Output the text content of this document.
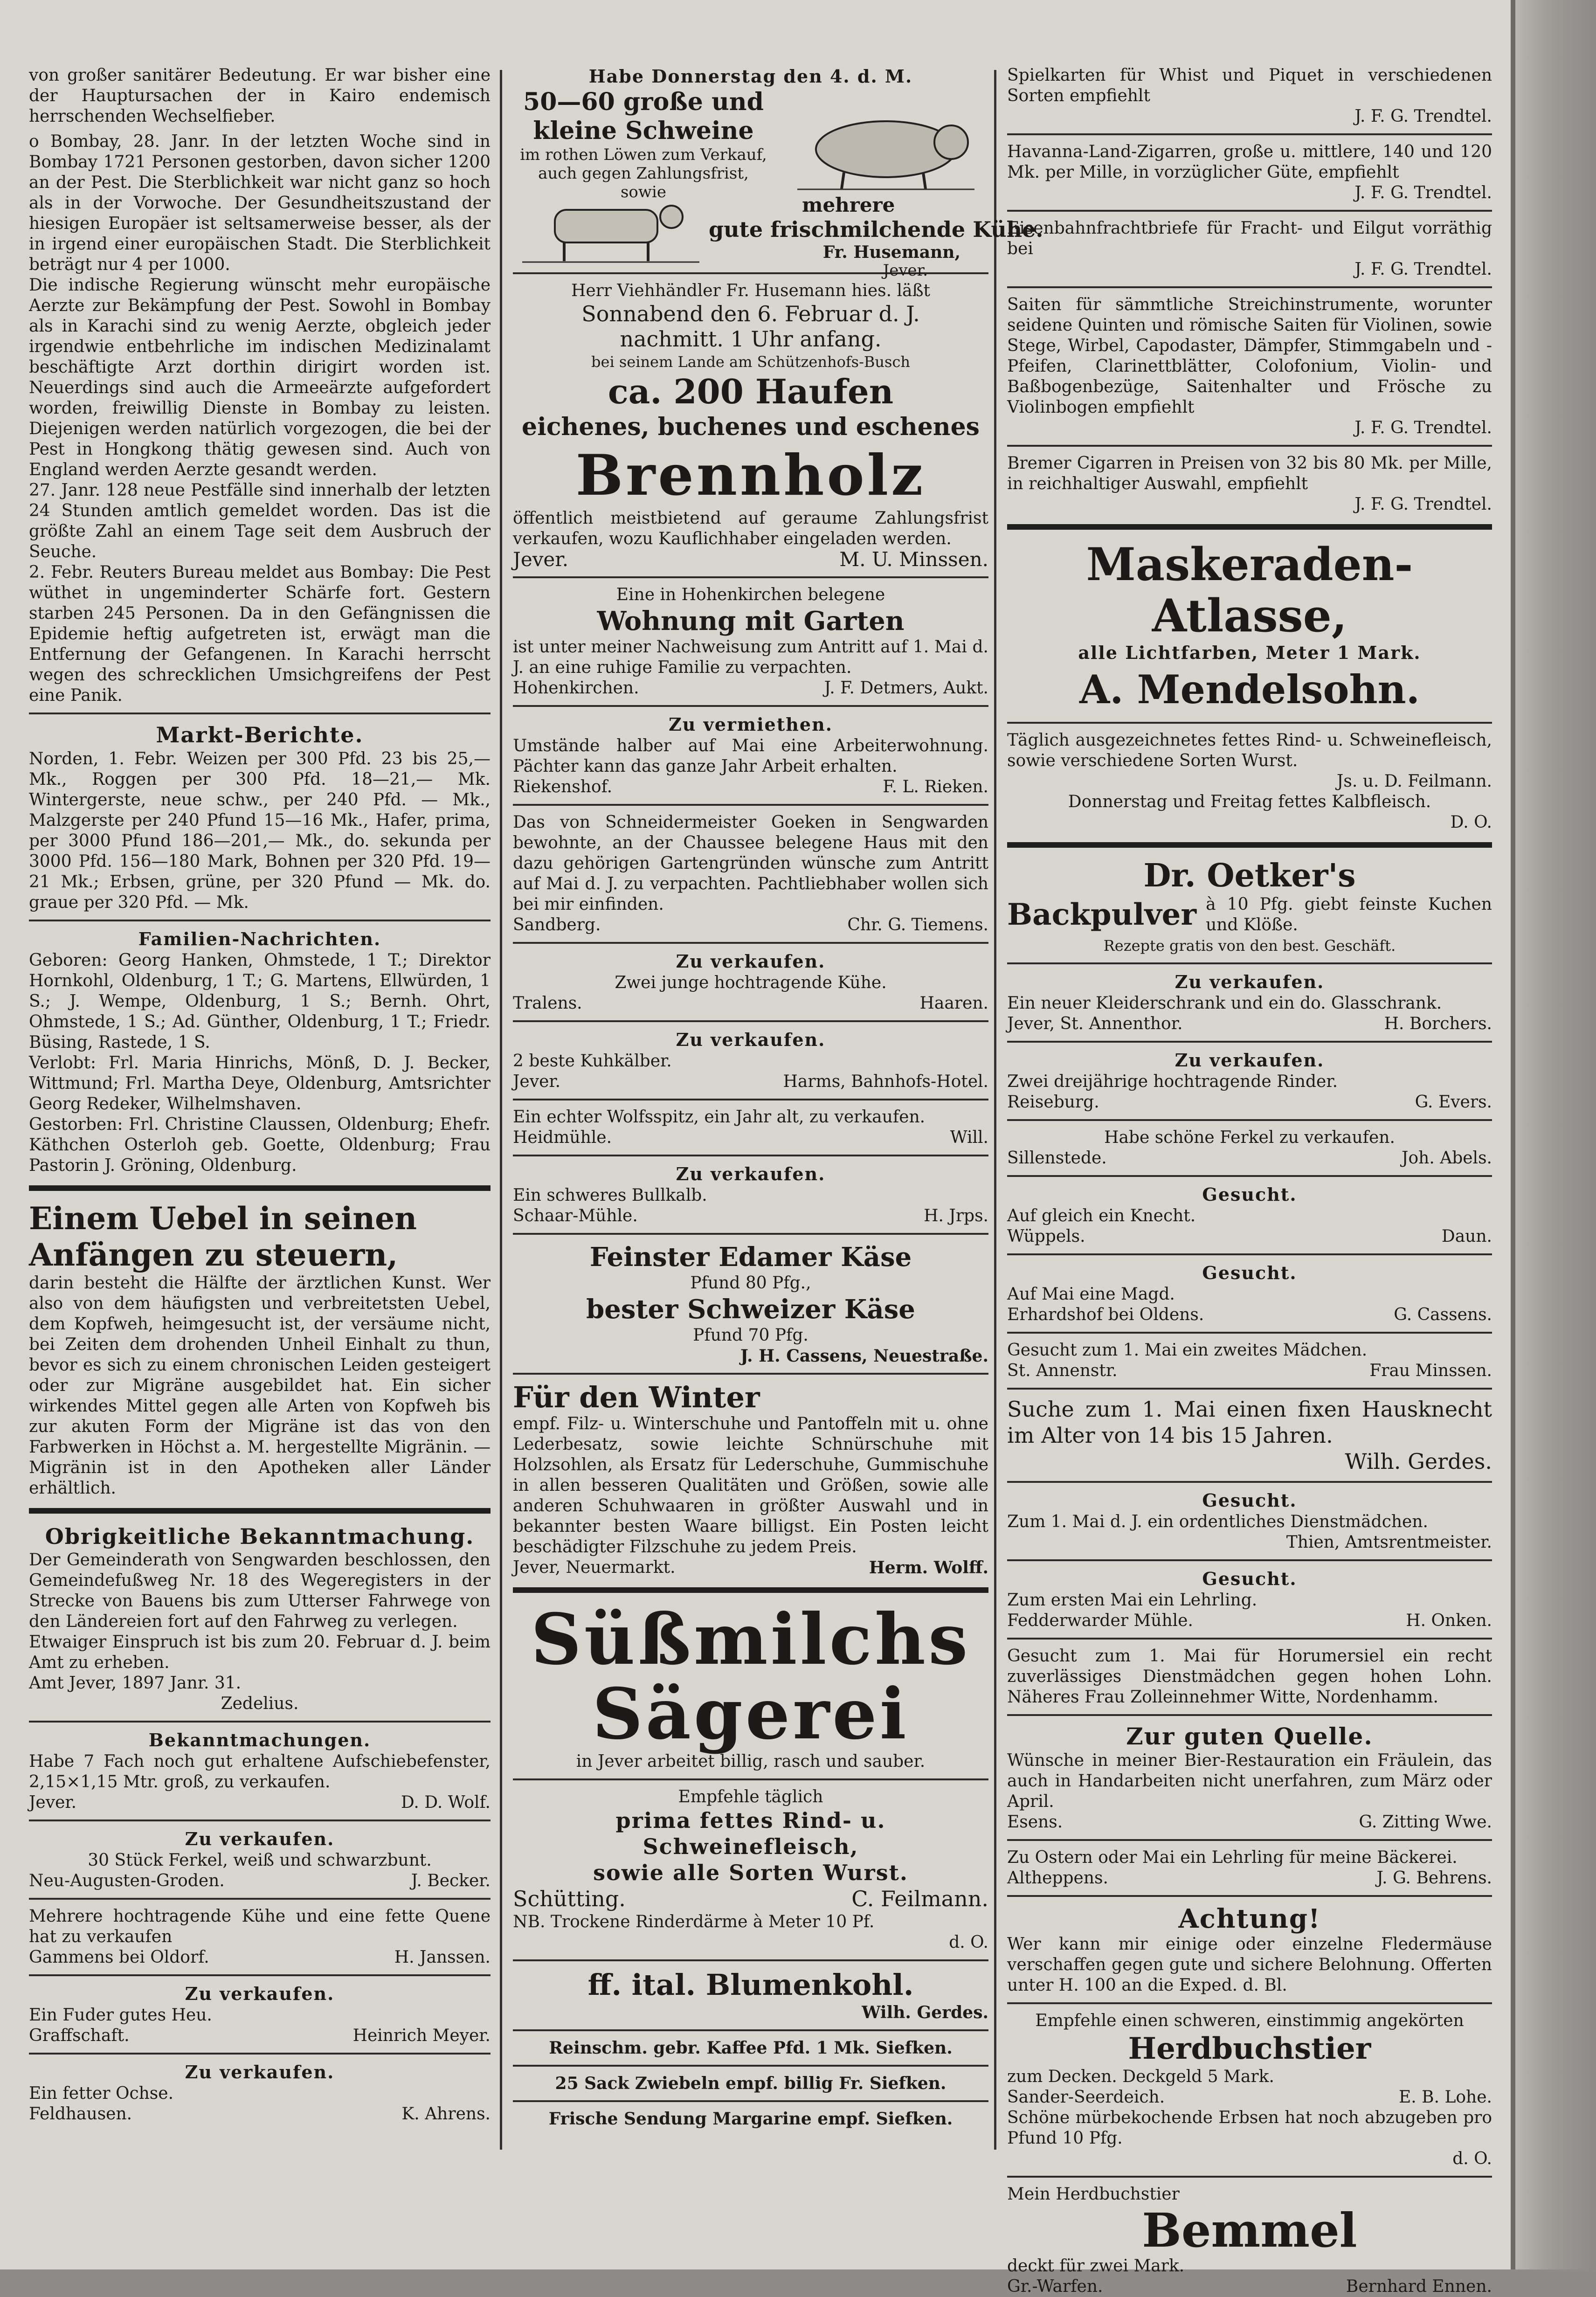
von großer sanitärer Bedeutung. Er war bisher eine der Hauptursachen der in Kairo endemisch herrschenden Wechselfieber.

o Bombay, 28. Janr. In der letzten Woche sind in Bombay 1721 Personen gestorben, davon sicher 1200 an der Pest. Die Sterblichkeit war nicht ganz so hoch als in der Vorwoche. Der Gesundheitszustand der hiesigen Europäer ist seltsamerweise besser, als der in irgend einer europäischen Stadt. Die Sterblichkeit beträgt nur 4 per 1000.

Die indische Regierung wünscht mehr europäische Aerzte zur Bekämpfung der Pest. Sowohl in Bombay als in Karachi sind zu wenig Aerzte, obgleich jeder irgendwie entbehrliche im indischen Medizinalamt beschäftigte Arzt dorthin dirigirt worden ist. Neuerdings sind auch die Armeeärzte aufgefordert worden, freiwillig Dienste in Bombay zu leisten. Diejenigen werden natürlich vorgezogen, die bei der Pest in Hongkong thätig gewesen sind. Auch von England werden Aerzte gesandt werden.

27. Janr. 128 neue Pestfälle sind innerhalb der letzten 24 Stunden amtlich gemeldet worden. Das ist die größte Zahl an einem Tage seit dem Ausbruch der Seuche.

2. Febr. Reuters Bureau meldet aus Bombay: Die Pest wüthet in ungeminderter Schärfe fort. Gestern starben 245 Personen. Da in den Gefängnissen die Epidemie heftig aufgetreten ist, erwägt man die Entfernung der Gefangenen. In Karachi herrscht wegen des schrecklichen Umsichgreifens der Pest eine Panik.

Markt-Berichte.

Norden, 1. Febr. Weizen per 300 Pfd. 23 bis 25,— Mk., Roggen per 300 Pfd. 18—21,— Mk. Wintergerste, neue schw., per 240 Pfd. — Mk., Malzgerste per 240 Pfund 15—16 Mk., Hafer, prima, per 3000 Pfund 186—201,— Mk., do. sekunda per 3000 Pfd. 156—180 Mark, Bohnen per 320 Pfd. 19—21 Mk.; Erbsen, grüne, per 320 Pfund — Mk. do. graue per 320 Pfd. — Mk.

Familien-Nachrichten.

Geboren: Georg Hanken, Ohmstede, 1 T.; Direktor Hornkohl, Oldenburg, 1 T.; G. Martens, Ellwürden, 1 S.; J. Wempe, Oldenburg, 1 S.; Bernh. Ohrt, Ohmstede, 1 S.; Ad. Günther, Oldenburg, 1 T.; Friedr. Büsing, Rastede, 1 S.

Verlobt: Frl. Maria Hinrichs, Mönß, D. J. Becker, Wittmund; Frl. Martha Deye, Oldenburg, Amtsrichter Georg Redeker, Wilhelmshaven.

Gestorben: Frl. Christine Claussen, Oldenburg; Ehefr. Käthchen Osterloh geb. Goette, Oldenburg; Frau Pastorin J. Gröning, Oldenburg.

Einem Uebel in seinen Anfängen zu steuern,

darin besteht die Hälfte der ärztlichen Kunst. Wer also von dem häufigsten und verbreitetsten Uebel, dem Kopfweh, heimgesucht ist, der versäume nicht, bei Zeiten dem drohenden Unheil Einhalt zu thun, bevor es sich zu einem chronischen Leiden gesteigert oder zur Migräne ausgebildet hat. Ein sicher wirkendes Mittel gegen alle Arten von Kopfweh bis zur akuten Form der Migräne ist das von den Farbwerken in Höchst a. M. hergestellte Migränin. — Migränin ist in den Apotheken aller Länder erhältlich.

Obrigkeitliche Bekanntmachung.

Der Gemeinderath von Sengwarden beschlossen, den Gemeindefußweg Nr. 18 des Wegeregisters in der Strecke von Bauens bis zum Utterser Fahrwege von den Ländereien fort auf den Fahrweg zu verlegen.

Etwaiger Einspruch ist bis zum 20. Februar d. J. beim Amt zu erheben.

Amt Jever, 1897 Janr. 31.

Zedelius.

Bekanntmachungen.

Habe 7 Fach noch gut erhaltene Aufschiebefenster, 2,15×1,15 Mtr. groß, zu verkaufen.

Jever.	D. D. Wolf.
Zu verkaufen.

30 Stück Ferkel, weiß und schwarzbunt.

Neu-Augusten-Groden.	J. Becker.

Mehrere hochtragende Kühe und eine fette Quene hat zu verkaufen

Gammens bei Oldorf.	H. Janssen.
Zu verkaufen.

Ein Fuder gutes Heu.

Graffschaft.	Heinrich Meyer.
Zu verkaufen.

Ein fetter Ochse.

Feldhausen.	K. Ahrens.
Habe Donnerstag den 4. d. M.
50—60 große und
kleine Schweine
im rothen Löwen zum Verkauf, auch gegen Zahlungsfrist, sowie
mehrere
gute frischmilchende Kühe.
Fr. Husemann,
Jever.
Herr Viehhändler Fr. Husemann hies. läßt
Sonnabend den 6. Februar d. J.
nachmitt. 1 Uhr anfang.
bei seinem Lande am Schützenhofs-Busch
ca. 200 Haufen
eichenes, buchenes und eschenes
Brennholz

öffentlich meistbietend auf geraume Zahlungsfrist verkaufen, wozu Kauflichhaber eingeladen werden.

Jever.	M. U. Minssen.
Eine in Hohenkirchen belegene
Wohnung mit Garten

ist unter meiner Nachweisung zum Antritt auf 1. Mai d. J. an eine ruhige Familie zu verpachten.

Hohenkirchen.	J. F. Detmers, Aukt.
Zu vermiethen.

Umstände halber auf Mai eine Arbeiterwohnung. Pächter kann das ganze Jahr Arbeit erhalten.

Riekenshof.	F. L. Rieken.

Das von Schneidermeister Goeken in Sengwarden bewohnte, an der Chaussee belegene Haus mit den dazu gehörigen Gartengründen wünsche zum Antritt auf Mai d. J. zu verpachten. Pachtliebhaber wollen sich bei mir einfinden.

Sandberg.	Chr. G. Tiemens.
Zu verkaufen.

Zwei junge hochtragende Kühe.

Tralens.	Haaren.
Zu verkaufen.

2 beste Kuhkälber.

Jever.	Harms, Bahnhofs-Hotel.

Ein echter Wolfsspitz, ein Jahr alt, zu verkaufen.

Heidmühle.	Will.
Zu verkaufen.

Ein schweres Bullkalb.

Schaar-Mühle.	H. Jrps.
Feinster Edamer Käse
Pfund 80 Pfg.,
bester Schweizer Käse
Pfund 70 Pfg.
J. H. Cassens, Neuestraße.
Für den Winter

empf. Filz- u. Winterschuhe und Pantoffeln mit u. ohne Lederbesatz, sowie leichte Schnürschuhe mit Holzsohlen, als Ersatz für Lederschuhe, Gummischuhe in allen besseren Qualitäten und Größen, sowie alle anderen Schuhwaaren in größter Auswahl und in bekannter besten Waare billigst. Ein Posten leicht beschädigter Filzschuhe zu jedem Preis.

Jever, Neuermarkt.	Herm. Wolff.
Süßmilchs
Sägerei
in Jever arbeitet billig, rasch und sauber.
Empfehle täglich
prima fettes Rind- u. Schweinefleisch,
sowie alle Sorten Wurst.
Schütting.	C. Feilmann.

NB. Trockene Rinderdärme à Meter 10 Pf.

d. O.
ff. ital. Blumenkohl.
Wilh. Gerdes.
Reinschm. gebr. Kaffee Pfd. 1 Mk. Siefken.
25 Sack Zwiebeln empf. billig Fr. Siefken.
Frische Sendung Margarine empf. Siefken.

Spielkarten für Whist und Piquet in verschiedenen Sorten empfiehlt

J. F. G. Trendtel.

Havanna-Land-Zigarren, große u. mittlere, 140 und 120 Mk. per Mille, in vorzüglicher Güte, empfiehlt

J. F. G. Trendtel.

Eisenbahnfrachtbriefe für Fracht- und Eilgut vorräthig bei

J. F. G. Trendtel.

Saiten für sämmtliche Streichinstrumente, worunter seidene Quinten und römische Saiten für Violinen, sowie Stege, Wirbel, Capodaster, Dämpfer, Stimmgabeln und -Pfeifen, Clarinettblätter, Colofonium, Violin- und Baßbogenbezüge, Saitenhalter und Frösche zu Violinbogen empfiehlt

J. F. G. Trendtel.

Bremer Cigarren in Preisen von 32 bis 80 Mk. per Mille, in reichhaltiger Auswahl, empfiehlt

J. F. G. Trendtel.
Maskeraden-Atlasse,
alle Lichtfarben, Meter 1 Mark.
A. Mendelsohn.

Täglich ausgezeichnetes fettes Rind- u. Schweinefleisch, sowie verschiedene Sorten Wurst.

Js. u. D. Feilmann.

Donnerstag und Freitag fettes Kalbfleisch.

D. O.
Dr. Oetker's
Backpulver à 10 Pfg. giebt feinste Kuchen und Klöße.
Rezepte gratis von den best. Geschäft.
Zu verkaufen.

Ein neuer Kleiderschrank und ein do. Glasschrank.

Jever, St. Annenthor.	H. Borchers.
Zu verkaufen.

Zwei dreijährige hochtragende Rinder.

Reiseburg.	G. Evers.

Habe schöne Ferkel zu verkaufen.

Sillenstede.	Joh. Abels.
Gesucht.

Auf gleich ein Knecht.

Wüppels.	Daun.
Gesucht.

Auf Mai eine Magd.

Erhardshof bei Oldens.	G. Cassens.

Gesucht zum 1. Mai ein zweites Mädchen.

St. Annenstr.	Frau Minssen.

Suche zum 1. Mai einen fixen Hausknecht im Alter von 14 bis 15 Jahren.

Wilh. Gerdes.
Gesucht.

Zum 1. Mai d. J. ein ordentliches Dienstmädchen.

Thien, Amtsrentmeister.
Gesucht.

Zum ersten Mai ein Lehrling.

Fedderwarder Mühle.	H. Onken.

Gesucht zum 1. Mai für Horumersiel ein recht zuverlässiges Dienstmädchen gegen hohen Lohn. Näheres Frau Zolleinnehmer Witte, Nordenhamm.

Zur guten Quelle.

Wünsche in meiner Bier-Restauration ein Fräulein, das auch in Handarbeiten nicht unerfahren, zum März oder April.

Esens.	G. Zitting Wwe.

Zu Ostern oder Mai ein Lehrling für meine Bäckerei.

Altheppens.	J. G. Behrens.
Achtung!

Wer kann mir einige oder einzelne Fledermäuse verschaffen gegen gute und sichere Belohnung. Offerten unter H. 100 an die Exped. d. Bl.

Empfehle einen schweren, einstimmig angekörten
Herdbuchstier
zum Decken. Deckgeld 5 Mark.
Sander-Seerdeich.	E. B. Lohe.

Schöne mürbekochende Erbsen hat noch abzugeben pro Pfund 10 Pfg.

d. O.
Mein Herdbuchstier
Bemmel
deckt für zwei Mark.
Gr.-Warfen.	Bernhard Ennen.
